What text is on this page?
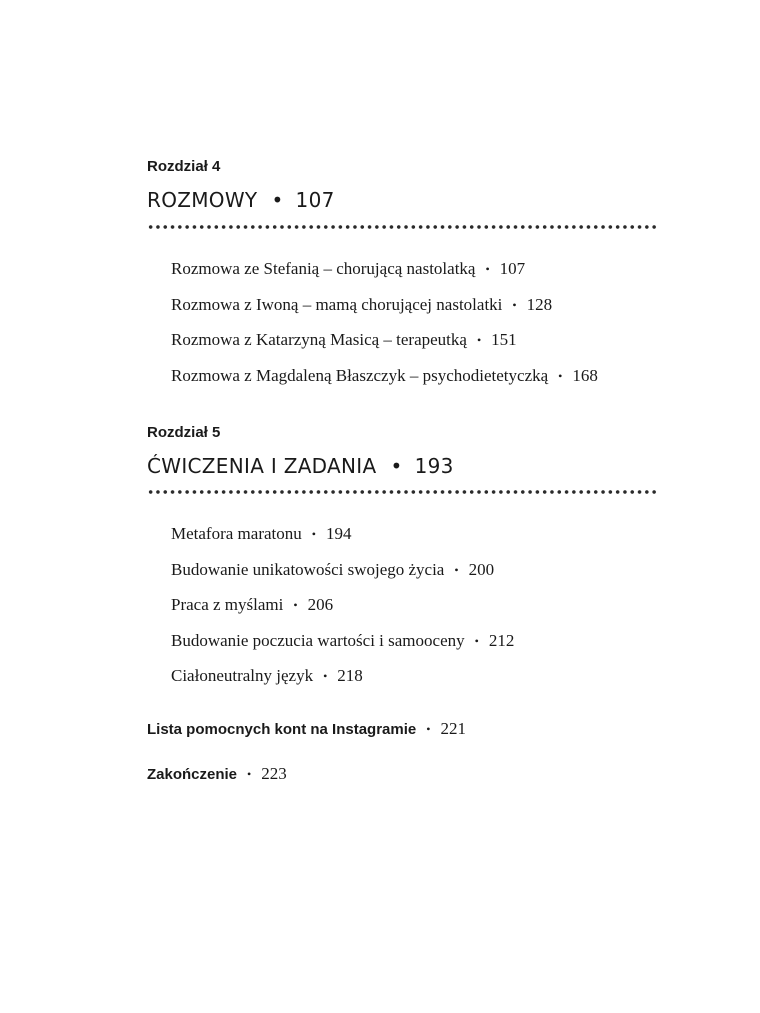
Rozdział 4
ROZMOWY • 107
Rozmowa ze Stefanią – chorującą nastolatką • 107
Rozmowa z Iwoną – mamą chorującej nastolatki • 128
Rozmowa z Katarzyną Masicą – terapeutką • 151
Rozmowa z Magdaleną Błaszczyk – psychodietetyczką • 168
Rozdział 5
ĆWICZENIA I ZADANIA • 193
Metafora maratonu • 194
Budowanie unikatowości swojego życia • 200
Praca z myślami • 206
Budowanie poczucia wartości i samooceny • 212
Ciałoneutralny język • 218
Lista pomocnych kont na Instagramie • 221
Zakończenie • 223
